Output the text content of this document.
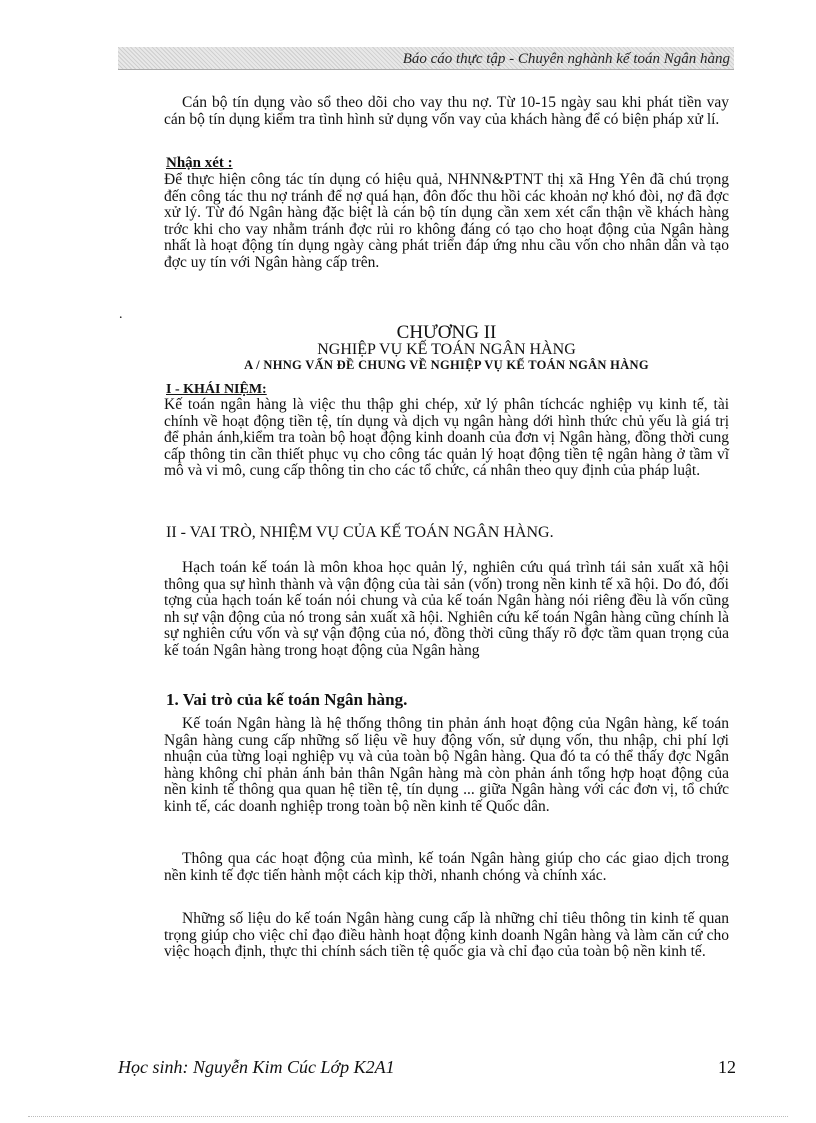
Báo cáo thực tập - Chuyên nghành kế toán Ngân hàng

Cán bộ tín dụng vào sổ theo dõi cho vay thu nợ. Từ 10-15 ngày sau khi phát tiền vay cán bộ tín dụng kiểm tra tình hình sử dụng vốn vay của khách hàng để có biện pháp xử lí.

Nhận xét :

Để thực hiện công tác tín dụng có hiệu quả, NHNN&PTNT thị xã Hng Yên đã chú trọng đến công tác thu nợ tránh để nợ quá hạn, đôn đốc thu hồi các khoản nợ khó đòi, nợ đã đợc xử lý. Từ đó Ngân hàng đặc biệt là cán bộ tín dụng cần xem xét cẩn thận về khách hàng trớc khi cho vay nhằm tránh đợc rủi ro không đáng có tạo cho hoạt động của Ngân hàng nhất là hoạt động tín dụng ngày càng phát triển đáp ứng nhu cầu vốn cho nhân dân và tạo đợc uy tín với Ngân hàng cấp trên.

.

CHƯƠNG II

NGHIỆP VỤ KẾ TOÁN NGÂN HÀNG

A / NHNG VẤN ĐỀ CHUNG VỀ NGHIỆP VỤ KẾ TOÁN NGÂN HÀNG

I - KHÁI NIỆM:

Kế toán ngân hàng là việc thu thập ghi chép, xử lý phân tíchcác nghiệp vụ kinh tế, tài chính về hoạt động tiền tệ, tín dụng và dịch vụ ngân hàng dới hình thức chủ yếu là giá trị để phản ánh,kiểm tra toàn bộ hoạt động kinh doanh của đơn vị Ngân hàng, đồng thời cung cấp thông tin cần thiết phục vụ cho công tác quản lý hoạt động tiền tệ ngân hàng ở tầm vĩ mô và vi mô, cung cấp thông tin cho các tổ chức, cá nhân theo quy định của pháp luật.

II - VAI TRÒ, NHIỆM VỤ CỦA KẾ TOÁN NGÂN HÀNG.

Hạch toán kế toán là môn khoa học quản lý, nghiên cứu quá trình tái sản xuất xã hội thông qua sự hình thành và vận động của tài sản (vốn) trong nền kinh tế xã hội. Do đó, đối tợng của hạch toán kế toán nói chung và của kế toán Ngân hàng nói riêng đều là vốn cũng nh sự vận động của nó trong sản xuất xã hội. Nghiên cứu kế toán Ngân hàng cũng chính là sự nghiên cứu vốn và sự vận động của nó, đồng thời cũng thấy rõ đợc tầm quan trọng của kế toán Ngân hàng trong hoạt động của Ngân hàng

1. Vai trò của kế toán Ngân hàng.

Kế toán Ngân hàng là hệ thống thông tin phản ánh hoạt động của Ngân hàng, kế toán Ngân hàng cung cấp những số liệu về huy động vốn, sử dụng vốn, thu nhập, chi phí lợi nhuận của từng loại nghiệp vụ và của toàn bộ Ngân hàng. Qua đó ta có thể thấy đợc Ngân hàng không chỉ phản ánh bản thân Ngân hàng mà còn phản ánh tổng hợp hoạt động của nền kinh tế thông qua quan hệ tiền tệ, tín dụng ... giữa Ngân hàng với các đơn vị, tổ chức kinh tế, các doanh nghiệp trong toàn bộ nền kinh tế Quốc dân.

Thông qua các hoạt động của mình, kế toán Ngân hàng giúp cho các giao dịch trong nền kinh tế đợc tiến hành một cách kịp thời, nhanh chóng và chính xác.

Những số liệu do kế toán Ngân hàng cung cấp là những chỉ tiêu thông tin kinh tế quan trọng giúp cho việc chỉ đạo điều hành hoạt động kinh doanh Ngân hàng và làm căn cứ cho việc hoạch định, thực thi chính sách tiền tệ quốc gia và chỉ đạo của toàn bộ nền kinh tế.

Học sinh: Nguyễn Kim Cúc Lớp K2A1	12
